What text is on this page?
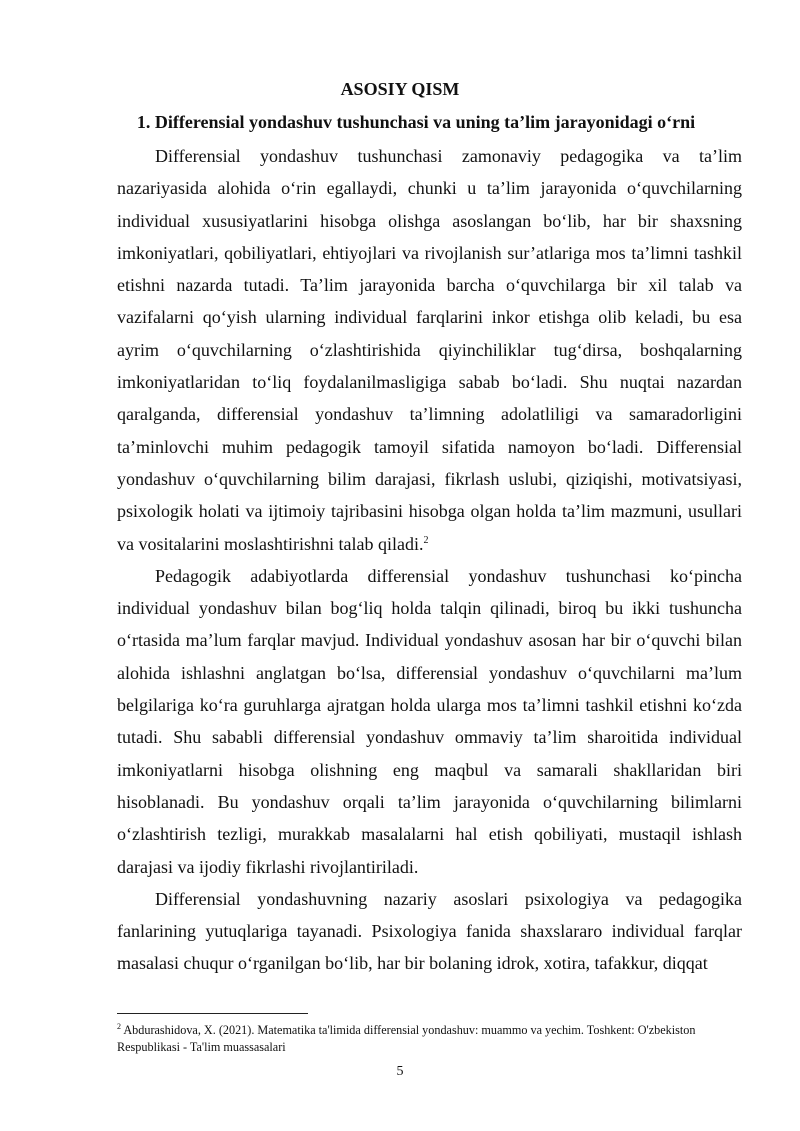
ASOSIY QISM
1. Differensial yondashuv tushunchasi va uning ta’lim jarayonidagi o‘rni

Differensial yondashuv tushunchasi zamonaviy pedagogika va ta’lim nazariyasida alohida o‘rin egallaydi, chunki u ta’lim jarayonida o‘quvchilarning individual xususiyatlarini hisobga olishga asoslangan bo‘lib, har bir shaxsning imkoniyatlari, qobiliyatlari, ehtiyojlari va rivojlanish sur’atlariga mos ta’limni tashkil etishni nazarda tutadi. Ta’lim jarayonida barcha o‘quvchilarga bir xil talab va vazifalarni qo‘yish ularning individual farqlarini inkor etishga olib keladi, bu esa ayrim o‘quvchilarning o‘zlashtirishida qiyinchiliklar tug‘dirsa, boshqalarning imkoniyatlaridan to‘liq foydalanilmasligiga sabab bo‘ladi. Shu nuqtai nazardan qaralganda, differensial yondashuv ta’limning adolatliligi va samaradorligini ta’minlovchi muhim pedagogik tamoyil sifatida namoyon bo‘ladi. Differensial yondashuv o‘quvchilarning bilim darajasi, fikrlash uslubi, qiziqishi, motivatsiyasi, psixologik holati va ijtimoiy tajribasini hisobga olgan holda ta’lim mazmuni, usullari va vositalarini moslashtirishni talab qiladi.$^2$

Pedagogik adabiyotlarda differensial yondashuv tushunchasi ko‘pincha individual yondashuv bilan bog‘liq holda talqin qilinadi, biroq bu ikki tushuncha o‘rtasida ma’lum farqlar mavjud. Individual yondashuv asosan har bir o‘quvchi bilan alohida ishlashni anglatgan bo‘lsa, differensial yondashuv o‘quvchilarni ma’lum belgilariga ko‘ra guruhlarga ajratgan holda ularga mos ta’limni tashkil etishni ko‘zda tutadi. Shu sababli differensial yondashuv ommaviy ta’lim sharoitida individual imkoniyatlarni hisobga olishning eng maqbul va samarali shakllaridan biri hisoblanadi. Bu yondashuv orqali ta’lim jarayonida o‘quvchilarning bilimlarni o‘zlashtirish tezligi, murakkab masalalarni hal etish qobiliyati, mustaqil ishlash darajasi va ijodiy fikrlashi rivojlantiriladi.

Differensial yondashuvning nazariy asoslari psixologiya va pedagogika fanlarining yutuqlariga tayanadi. Psixologiya fanida shaxslararo individual farqlar masalasi chuqur o‘rganilgan bo‘lib, har bir bolaning idrok, xotira, tafakkur, diqqat

$^2$ Abdurashidova, X. (2021). Matematika ta'limida differensial yondashuv: muammo va yechim. Toshkent: O'zbekiston Respublikasi - Ta'lim muassasalari

5
